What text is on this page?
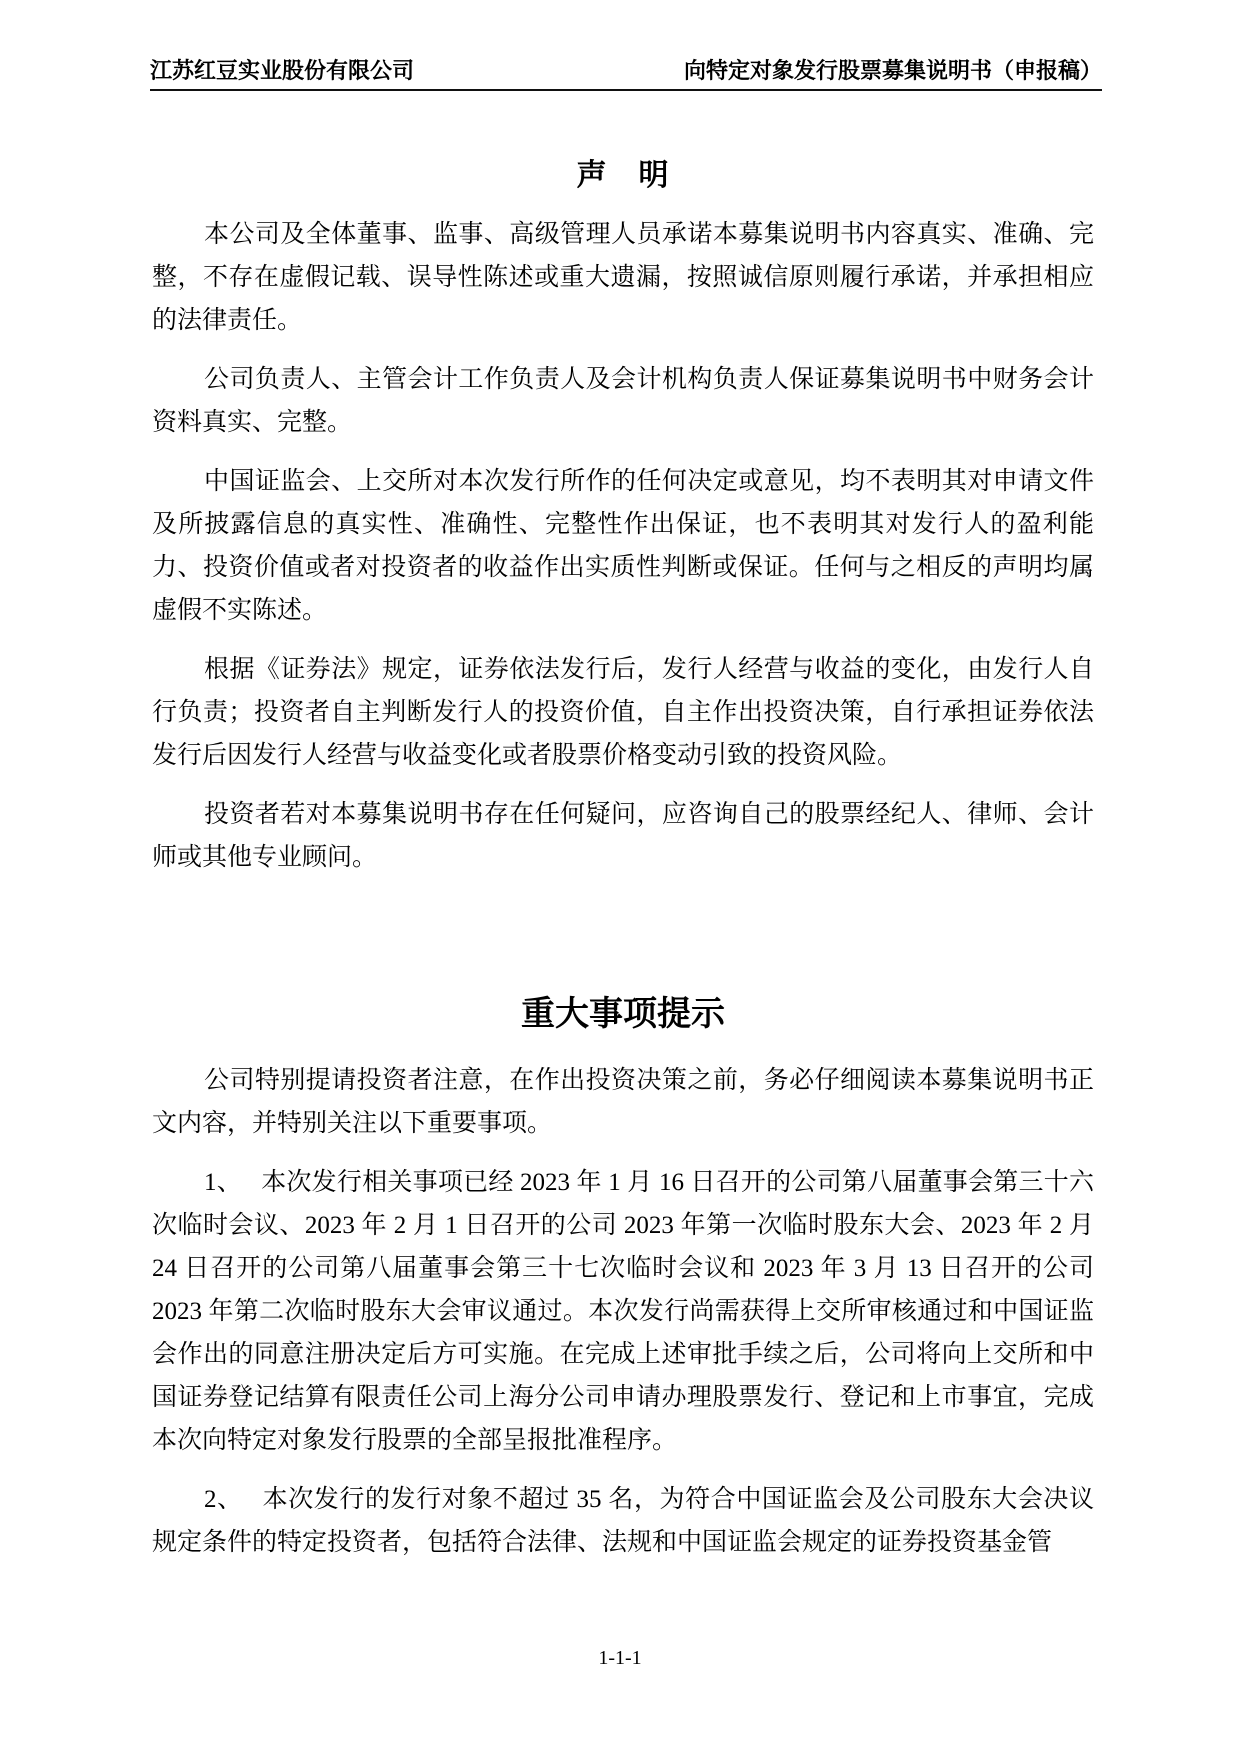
江苏红豆实业股份有限公司	向特定对象发行股票募集说明书（申报稿）
声　明

本公司及全体董事、监事、高级管理人员承诺本募集说明书内容真实、准确、完整，不存在虚假记载、误导性陈述或重大遗漏，按照诚信原则履行承诺，并承担相应的法律责任。

公司负责人、主管会计工作负责人及会计机构负责人保证募集说明书中财务会计资料真实、完整。

中国证监会、上交所对本次发行所作的任何决定或意见，均不表明其对申请文件及所披露信息的真实性、准确性、完整性作出保证，也不表明其对发行人的盈利能力、投资价值或者对投资者的收益作出实质性判断或保证。任何与之相反的声明均属虚假不实陈述。

根据《证券法》规定，证券依法发行后，发行人经营与收益的变化，由发行人自行负责；投资者自主判断发行人的投资价值，自主作出投资决策，自行承担证券依法发行后因发行人经营与收益变化或者股票价格变动引致的投资风险。

投资者若对本募集说明书存在任何疑问，应咨询自己的股票经纪人、律师、会计师或其他专业顾问。

重大事项提示

公司特别提请投资者注意，在作出投资决策之前，务必仔细阅读本募集说明书正文内容，并特别关注以下重要事项。

1、　 本次发行相关事项已经 2023 年 1 月 16 日召开的公司第八届董事会第三十六次临时会议、2023 年 2 月 1 日召开的公司 2023 年第一次临时股东大会、2023 年 2 月 24 日召开的公司第八届董事会第三十七次临时会议和 2023 年 3 月 13 日召开的公司 2023 年第二次临时股东大会审议通过。本次发行尚需获得上交所审核通过和中国证监会作出的同意注册决定后方可实施。在完成上述审批手续之后，公司将向上交所和中国证券登记结算有限责任公司上海分公司申请办理股票发行、登记和上市事宜，完成本次向特定对象发行股票的全部呈报批准程序。

2、　 本次发行的发行对象不超过 35 名，为符合中国证监会及公司股东大会决议规定条件的特定投资者，包括符合法律、法规和中国证监会规定的证券投资基金管

1-1-1
